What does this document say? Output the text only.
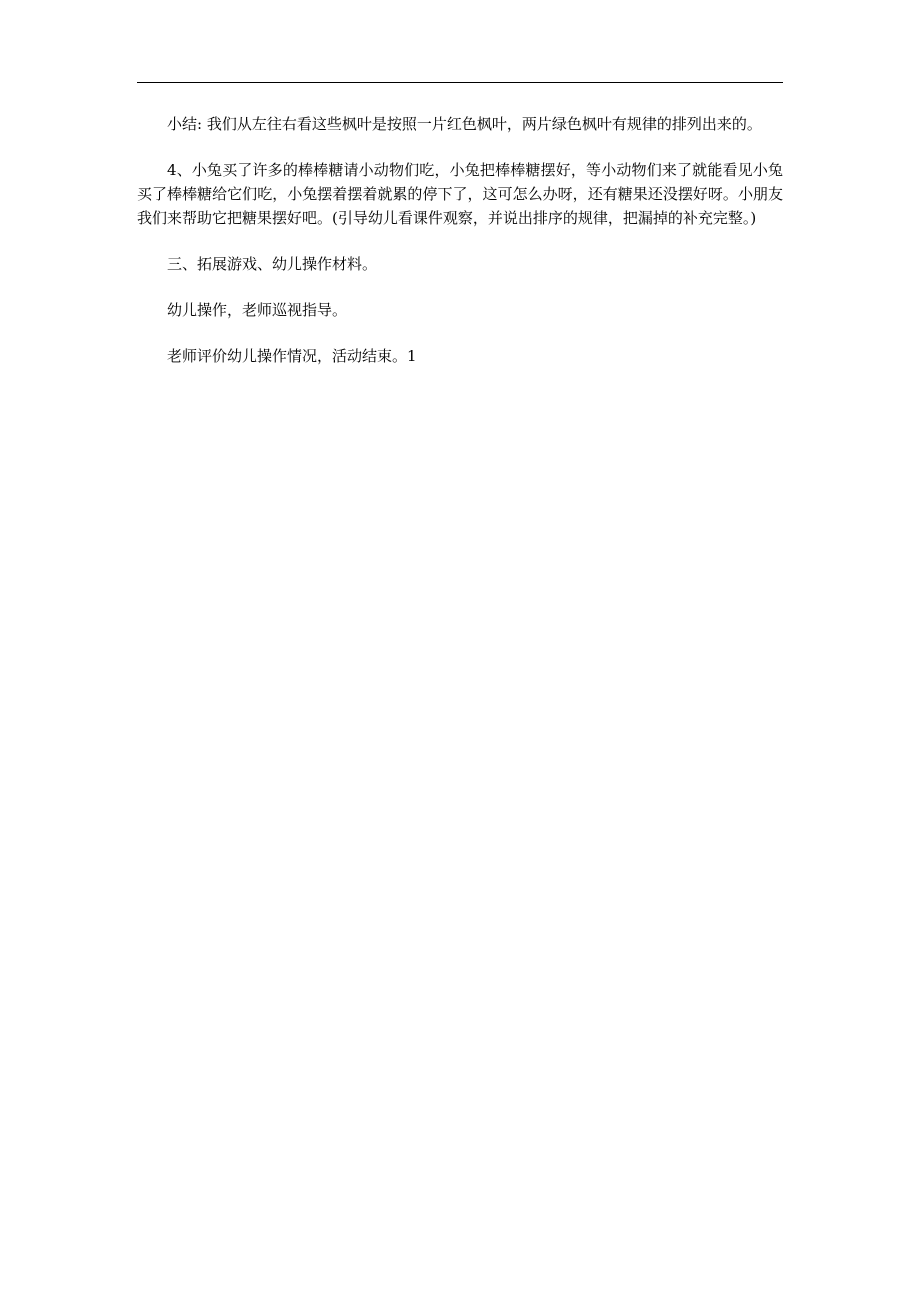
小结: 我们从左往右看这些枫叶是按照一片红色枫叶，两片绿色枫叶有规律的排列出来的。

4、小兔买了许多的棒棒糖请小动物们吃，小兔把棒棒糖摆好，等小动物们来了就能看见小兔买了棒棒糖给它们吃，小兔摆着摆着就累的停下了，这可怎么办呀，还有糖果还没摆好呀。小朋友我们来帮助它把糖果摆好吧。(引导幼儿看课件观察，并说出排序的规律，把漏掉的补充完整。)

三、拓展游戏、幼儿操作材料。

幼儿操作，老师巡视指导。

老师评价幼儿操作情况，活动结束。1
